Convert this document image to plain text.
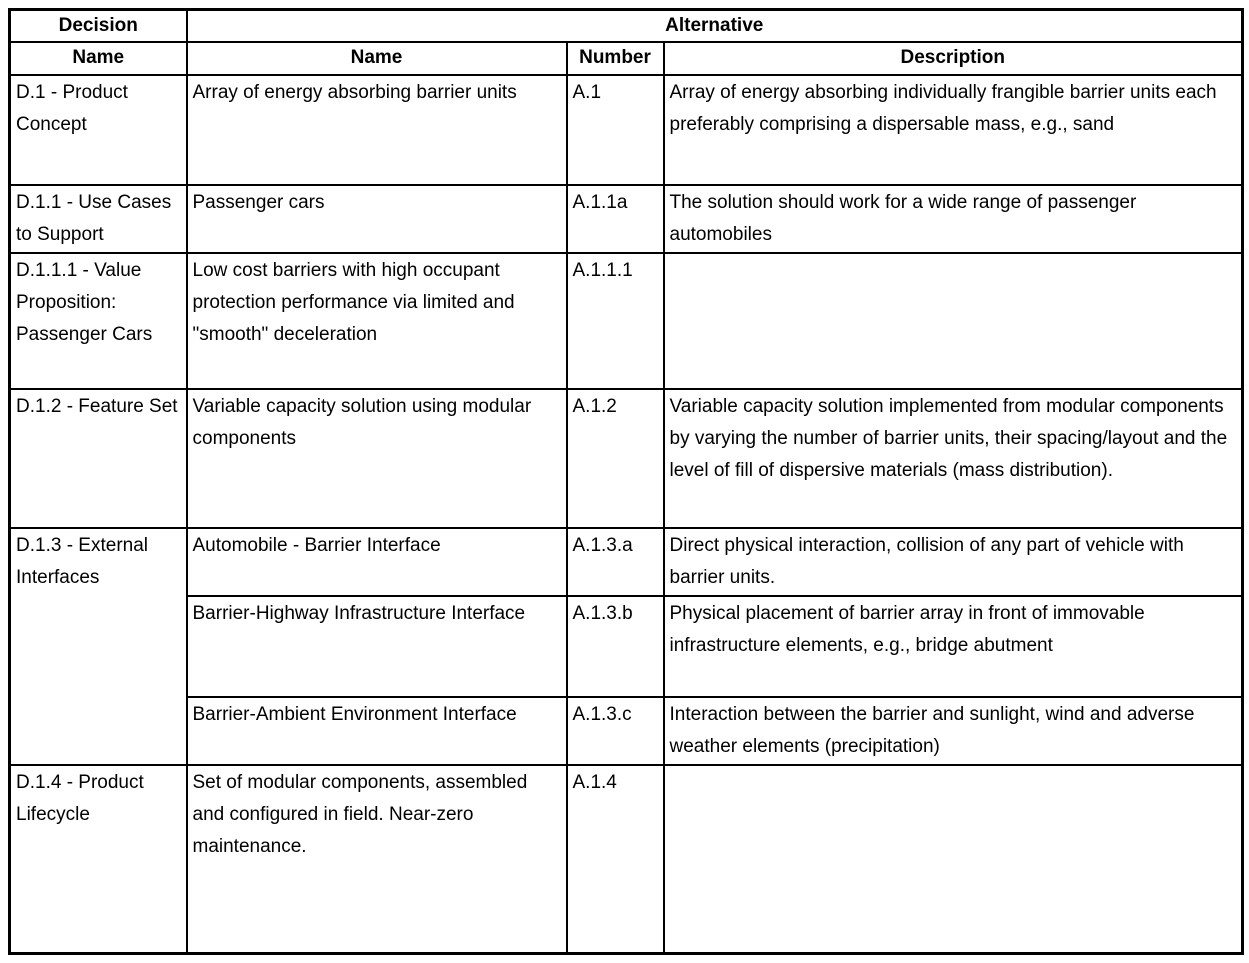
Decision	Alternative		
Name	Name	Number	Description
D.1 - Product Concept	Array of energy absorbing barrier units	A.1	Array of energy absorbing individually frangible barrier units each preferably comprising a dispersable mass, e.g., sand
D.1.1 - Use Cases to Support	Passenger cars	A.1.1a	The solution should work for a wide range of passenger automobiles
D.1.1.1 - Value Proposition: Passenger Cars	Low cost barriers with high occupant protection performance via limited and "smooth" deceleration	A.1.1.1	
D.1.2 - Feature Set	Variable capacity solution using modular components	A.1.2	Variable capacity solution implemented from modular components by varying the number of barrier units, their spacing/layout and the level of fill of dispersive materials (mass distribution).
D.1.3 - External Interfaces	Automobile - Barrier Interface	A.1.3.a	Direct physical interaction, collision of any part of vehicle with barrier units.
	Barrier-Highway Infrastructure Interface	A.1.3.b	Physical placement of barrier array in front of immovable infrastructure elements, e.g., bridge abutment
	Barrier-Ambient Environment Interface	A.1.3.c	Interaction between the barrier and sunlight, wind and adverse weather elements (precipitation)
D.1.4 - Product Lifecycle	Set of modular components, assembled and configured in field. Near-zero maintenance.	A.1.4	
